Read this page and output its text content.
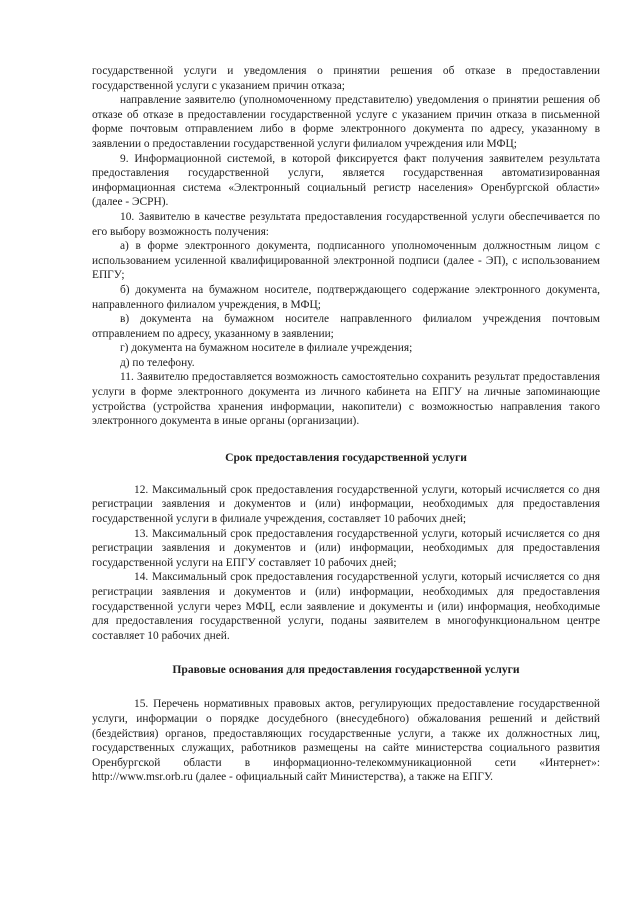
государственной услуги и уведомления о принятии решения об отказе в предоставлении государственной услуги с указанием причин отказа;

направление заявителю (уполномоченному представителю) уведомления о принятии решения об отказе об отказе в предоставлении государственной услуге с указанием причин отказа в письменной форме почтовым отправлением либо в форме электронного документа по адресу, указанному в заявлении о предоставлении государственной услуги филиалом учреждения или МФЦ;

9. Информационной системой, в которой фиксируется факт получения заявителем результата предоставления государственной услуги, является государственная автоматизированная информационная система «Электронный социальный регистр населения» Оренбургской области» (далее - ЭСРН).

10. Заявителю в качестве результата предоставления государственной услуги обеспечивается по его выбору возможность получения:

а) в форме электронного документа, подписанного уполномоченным должностным лицом с использованием усиленной квалифицированной электронной подписи (далее - ЭП), с использованием ЕПГУ;

б) документа на бумажном носителе, подтверждающего содержание электронного документа, направленного филиалом учреждения, в МФЦ;

в) документа на бумажном носителе направленного филиалом учреждения почтовым отправлением по адресу, указанному в заявлении;

г) документа на бумажном носителе в филиале учреждения;

д) по телефону.

11. Заявителю предоставляется возможность самостоятельно сохранить результат предоставления услуги в форме электронного документа из личного кабинета на ЕПГУ на личные запоминающие устройства (устройства хранения информации, накопители) с возможностью направления такого электронного документа в иные органы (организации).

Срок предоставления государственной услуги

12. Максимальный срок предоставления государственной услуги, который исчисляется со дня регистрации заявления и документов и (или) информации, необходимых для предоставления государственной услуги в филиале учреждения, составляет 10 рабочих дней;

13. Максимальный срок предоставления государственной услуги, который исчисляется со дня регистрации заявления и документов и (или) информации, необходимых для предоставления государственной услуги на ЕПГУ составляет 10 рабочих дней;

14. Максимальный срок предоставления государственной услуги, который исчисляется со дня регистрации заявления и документов и (или) информации, необходимых для предоставления государственной услуги через МФЦ, если заявление и документы и (или) информация, необходимые для предоставления государственной услуги, поданы заявителем в многофункциональном центре составляет 10 рабочих дней.

Правовые основания для предоставления государственной услуги

15. Перечень нормативных правовых актов, регулирующих предоставление государственной услуги, информации о порядке досудебного (внесудебного) обжалования решений и действий (бездействия) органов, предоставляющих государственные услуги, а также их должностных лиц, государственных служащих, работников размещены на сайте министерства социального развития Оренбургской области в информационно-телекоммуникационной сети «Интернет»: http://www.msr.orb.ru (далее - официальный сайт Министерства), а также на ЕПГУ.
